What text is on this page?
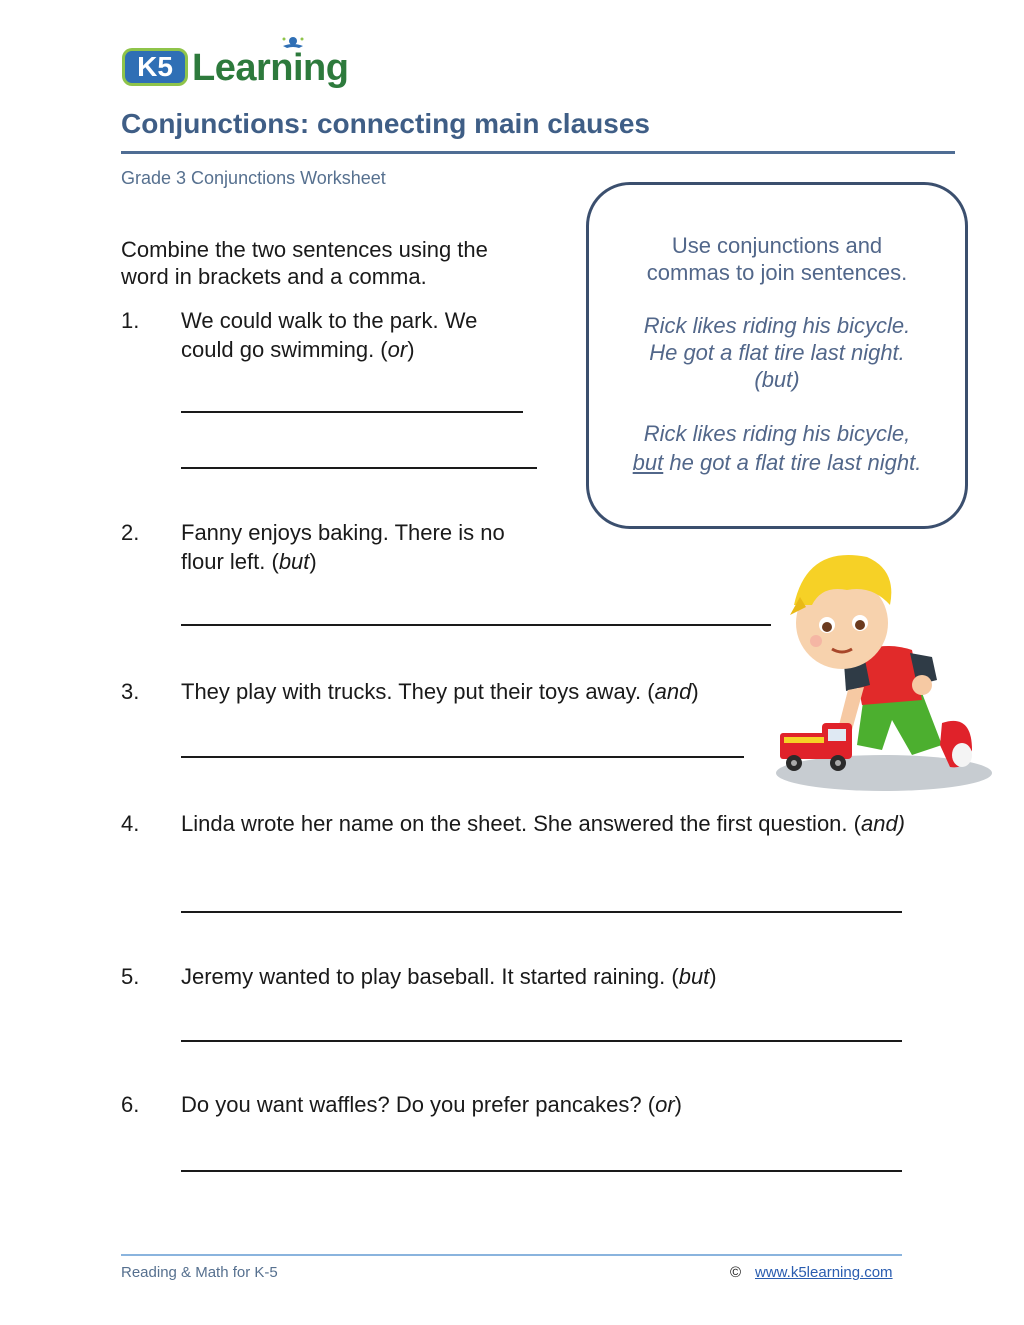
K5 Learning
Conjunctions: connecting main clauses
Grade 3 Conjunctions Worksheet
Combine the two sentences using the word in brackets and a comma.
1. We could walk to the park. We could go swimming. (or)
2. Fanny enjoys baking. There is no flour left. (but)
3. They play with trucks. They put their toys away. (and)
4. Linda wrote her name on the sheet. She answered the first question. (and)
5. Jeremy wanted to play baseball. It started raining. (but)
6. Do you want waffles? Do you prefer pancakes? (or)
Use conjunctions and
commas to join sentences.
Rick likes riding his bicycle.
He got a flat tire last night.
(but)
Rick likes riding his bicycle,
but he got a flat tire last night.
Reading & Math for K-5	© www.k5learning.com
